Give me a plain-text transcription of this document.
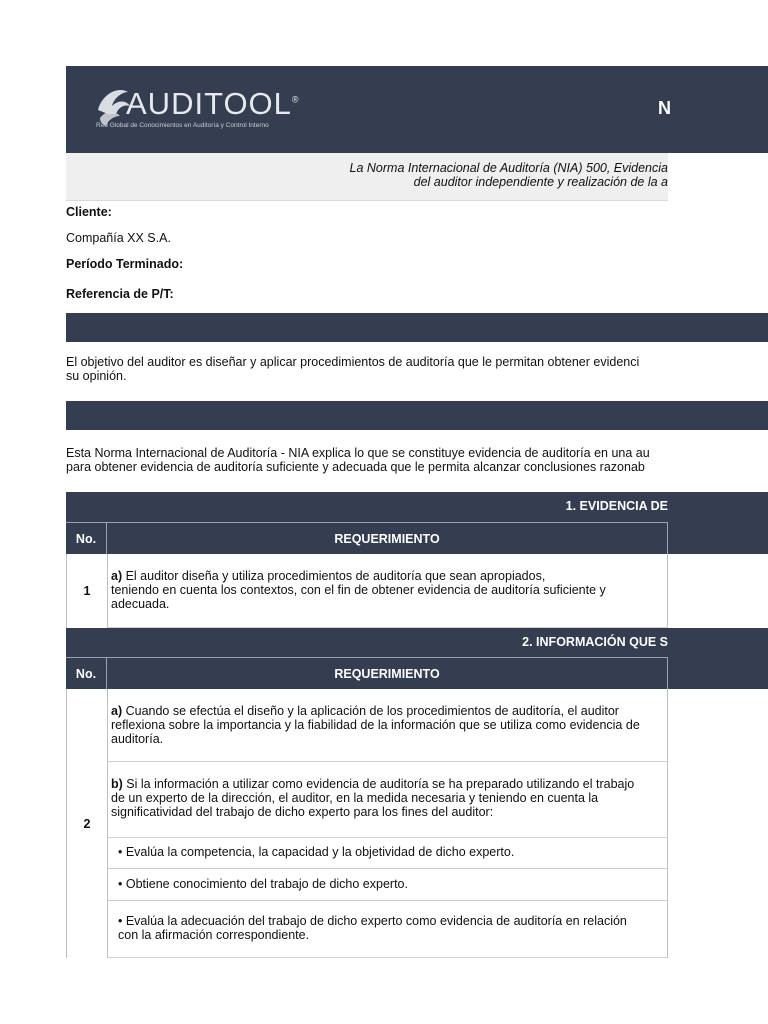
AUDITOOL®
Red Global de Conocimientos en Auditoría y Control Interno
N
La Norma Internacional de Auditoría (NIA) 500, Evidencia
del auditor independiente y realización de la a
Cliente:
Compañía XX S.A.
Período Terminado:
Referencia de P/T:
El objetivo del auditor es diseñar y aplicar procedimientos de auditoría que le permitan obtener evidenci
su opinión.
Esta Norma Internacional de Auditoría - NIA explica lo que se constituye evidencia de auditoría en una au
para obtener evidencia de auditoría suficiente y adecuada que le permita alcanzar conclusiones razonab
1. EVIDENCIA DE
No.	REQUERIMIENTO
1
a) El auditor diseña y utiliza procedimientos de auditoría que sean apropiados,
teniendo en cuenta los contextos, con el fin de obtener evidencia de auditoría suficiente y
adecuada.
2. INFORMACIÓN QUE S
No.	REQUERIMIENTO
2
a) Cuando se efectúa el diseño y la aplicación de los procedimientos de auditoría, el auditor
reflexiona sobre la importancia y la fiabilidad de la información que se utiliza como evidencia de
auditoría.
b) Si la información a utilizar como evidencia de auditoría se ha preparado utilizando el trabajo
de un experto de la dirección, el auditor, en la medida necesaria y teniendo en cuenta la
significatividad del trabajo de dicho experto para los fines del auditor:
• Evalúa la competencia, la capacidad y la objetividad de dicho experto.
• Obtiene conocimiento del trabajo de dicho experto.
• Evalúa la adecuación del trabajo de dicho experto como evidencia de auditoría en relación
con la afirmación correspondiente.
